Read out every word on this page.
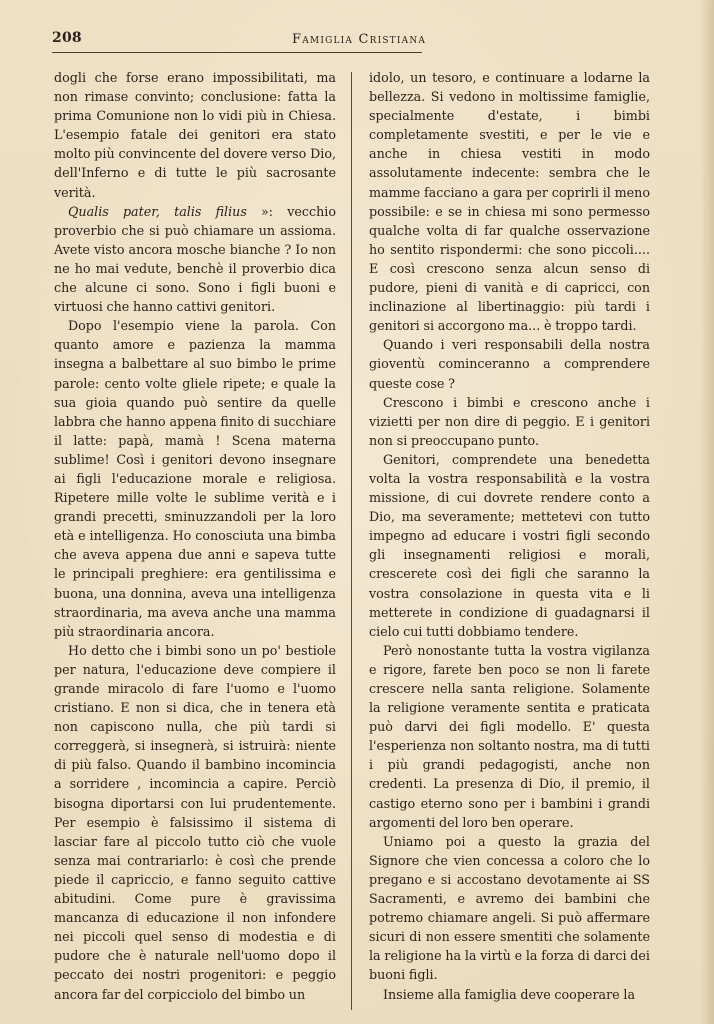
208	Famiglia Cristiana

dogli che forse erano impossibilitati, ma non rimase convinto; conclusione: fatta la prima Comunione non lo vidi più in Chiesa. L'esempio fatale dei genitori era stato molto più convincente del dovere verso Dio, dell'Inferno e di tutte le più sacrosante verità.

Qualis pater, talis filius »: vecchio proverbio che si può chiamare un assioma. Avete visto ancora mosche bianche ? Io non ne ho mai vedute, benchè il proverbio dica che alcune ci sono. Sono i figli buoni e virtuosi che hanno cattivi genitori.

Dopo l'esempio viene la parola. Con quanto amore e pazienza la mamma insegna a balbettare al suo bimbo le prime parole: cento volte gliele ripete; e quale la sua gioia quando può sentire da quelle labbra che hanno appena finito di succhiare il latte: papà, mamà ! Scena materna sublime! Così i genitori devono insegnare ai figli l'educazione morale e religiosa. Ripetere mille volte le sublime verità e i grandi precetti, sminuzzandoli per la loro età e intelligenza. Ho conosciuta una bimba che aveva appena due anni e sapeva tutte le principali preghiere: era gentilissima e buona, una donnina, aveva una intelligenza straordinaria, ma aveva anche una mamma più straordinaria ancora.

Ho detto che i bimbi sono un po' bestiole per natura, l'educazione deve compiere il grande miracolo di fare l'uomo e l'uomo cristiano. E non si dica, che in tenera età non capiscono nulla, che più tardi si correggerà, si insegnerà, si istruirà: niente di più falso. Quando il bambino incomincia a sorridere , incomincia a capire. Perciò bisogna diportarsi con lui prudentemente. Per esempio è falsissimo il sistema di lasciar fare al piccolo tutto ciò che vuole senza mai contrariarlo: è così che prende piede il capriccio, e fanno seguito cattive abitudini. Come pure è gravissima mancanza di educazione il non infondere nei piccoli quel senso di modestia e di pudore che è naturale nell'uomo dopo il peccato dei nostri progenitori: e peggio ancora far del corpicciolo del bimbo un

idolo, un tesoro, e continuare a lodarne la bellezza. Si vedono in moltissime famiglie, specialmente d'estate, i bimbi completamente svestiti, e per le vie e anche in chiesa vestiti in modo assolutamente indecente: sembra che le mamme facciano a gara per coprirli il meno possibile: e se in chiesa mi sono permesso qualche volta di far qualche osservazione ho sentito rispondermi: che sono piccoli.... E così crescono senza alcun senso di pudore, pieni di vanità e di capricci, con inclinazione al libertinaggio: più tardi i genitori si accorgono ma... è troppo tardi.

Quando i veri responsabili della nostra gioventù cominceranno a comprendere queste cose ?

Crescono i bimbi e crescono anche i vizietti per non dire di peggio. E i genitori non si preoccupano punto.

Genitori, comprendete una benedetta volta la vostra responsabilità e la vostra missione, di cui dovrete rendere conto a Dio, ma severamente; mettetevi con tutto impegno ad educare i vostri figli secondo gli insegnamenti religiosi e morali, crescerete così dei figli che saranno la vostra consolazione in questa vita e li metterete in condizione di guadagnarsi il cielo cui tutti dobbiamo tendere.

Però nonostante tutta la vostra vigilanza e rigore, farete ben poco se non li farete crescere nella santa religione. Solamente la religione veramente sentita e praticata può darvi dei figli modello. E' questa l'esperienza non soltanto nostra, ma di tutti i più grandi pedagogisti, anche non credenti. La presenza di Dio, il premio, il castigo eterno sono per i bambini i grandi argomenti del loro ben operare.

Uniamo poi a questo la grazia del Signore che vien concessa a coloro che lo pregano e si accostano devotamente ai SS Sacramenti, e avremo dei bambini che potremo chiamare angeli. Si può affermare sicuri di non essere smentiti che solamente la religione ha la virtù e la forza di darci dei buoni figli.

Insieme alla famiglia deve cooperare la
